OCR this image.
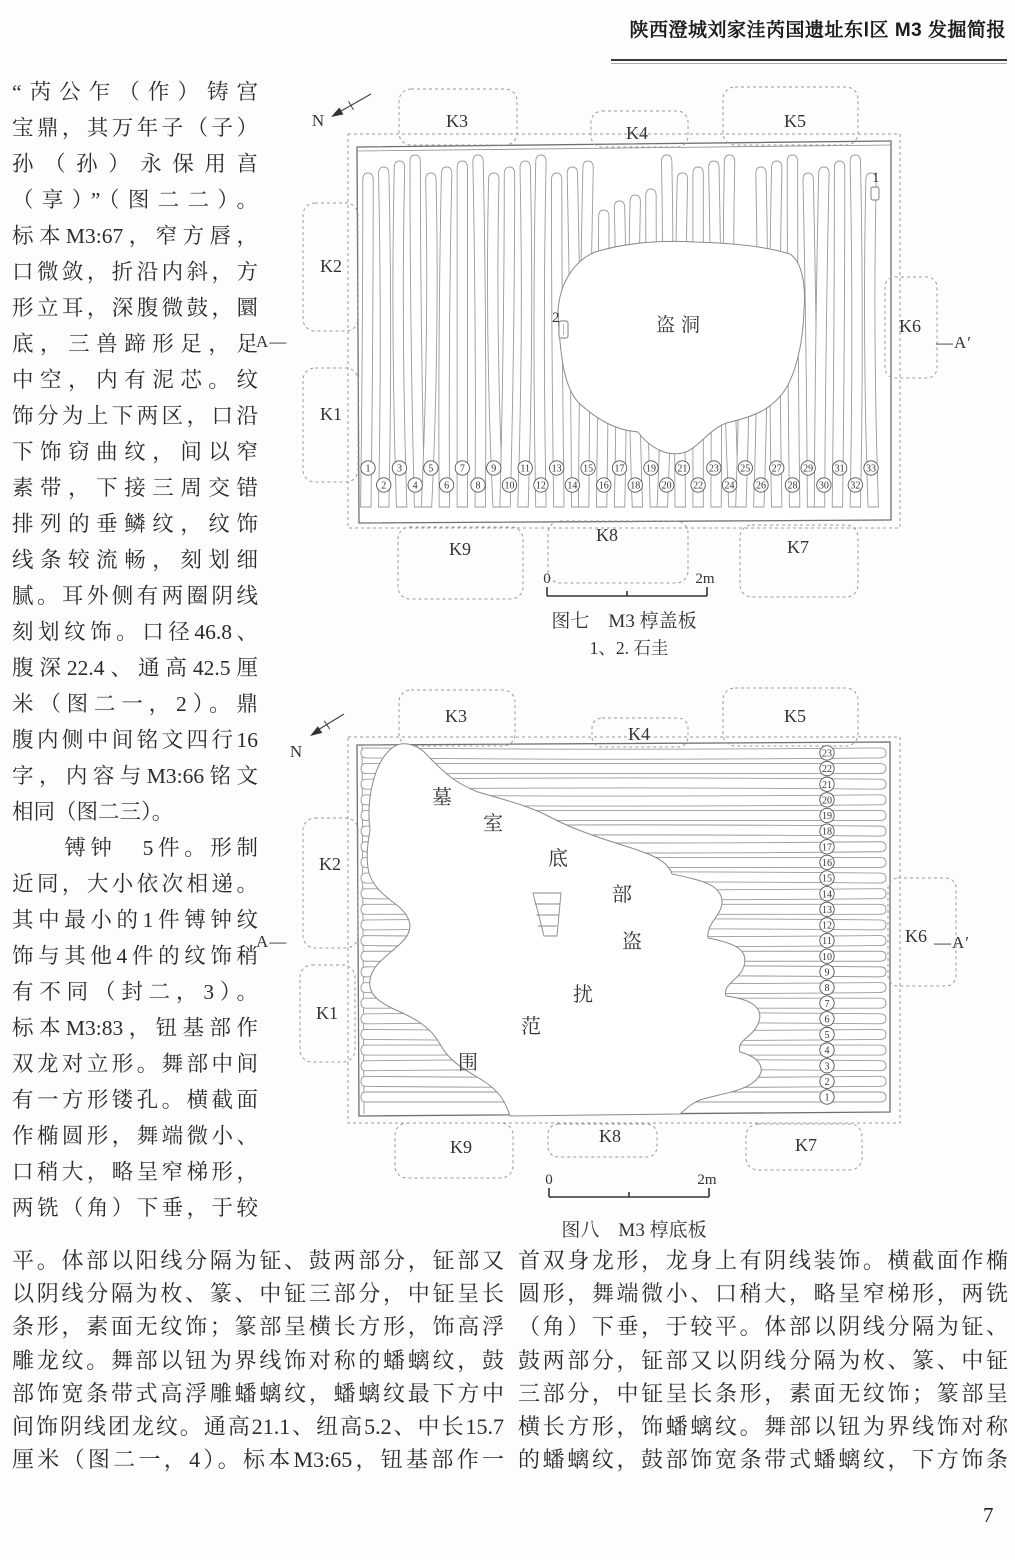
陕西澄城刘家洼芮国遗址东Ⅰ区 M3 发掘简报
“芮公乍（作）铸宫
宝鼎，其万年子（子）
孙（孙）永保用亯
（享）”（图二二）。
标本M3:67，窄方唇，
口微敛，折沿内斜，方
形立耳，深腹微鼓，圜
底，三兽蹄形足，足
中空，内有泥芯。纹
饰分为上下两区，口沿
下饰窃曲纹，间以窄
素带，下接三周交错
排列的垂鳞纹，纹饰
线条较流畅，刻划细
腻。耳外侧有两圈阴线
刻划纹饰。口径46.8、
腹深22.4、通高42.5厘
米（图二一，2）。鼎
腹内侧中间铭文四行16
字，内容与M3:66铭文
相同（图二三）。
　　镈钟　5件。形制
近同，大小依次相递。
其中最小的1件镈钟纹
饰与其他4件的纹饰稍
有不同（封二，3）。
标本M3:83，钮基部作
双龙对立形。舞部中间
有一方形镂孔。横截面
作椭圆形，舞端微小、
口稍大，略呈窄梯形，
两铣（角）下垂，于较
平。体部以阳线分隔为钲、鼓两部分，钲部又
以阴线分隔为枚、篆、中钲三部分，中钲呈长
条形，素面无纹饰；篆部呈横长方形，饰高浮
雕龙纹。舞部以钮为界线饰对称的蟠螭纹，鼓
部饰宽条带式高浮雕蟠螭纹，蟠螭纹最下方中
间饰阴线团龙纹。通高21.1、纽高5.2、中长15.7
厘米（图二一，4）。标本M3:65，钮基部作一
首双身龙形，龙身上有阴线装饰。横截面作椭
圆形，舞端微小、口稍大，略呈窄梯形，两铣
（角）下垂，于较平。体部以阴线分隔为钲、
鼓两部分，钲部又以阴线分隔为枚、篆、中钲
三部分，中钲呈长条形，素面无纹饰；篆部呈
横长方形，饰蟠螭纹。舞部以钮为界线饰对称
的蟠螭纹，鼓部饰宽条带式蟠螭纹，下方饰条
7
N	K3
K4
K5
K2
K1
K6
K9
K8
K7
A—	—A′
盗洞
2
1
1
2
3
4
5
6
7
8
9
10
11
12
13
14
15
16
17
18
19
20
21
22
23
24
25
26
27
28
29
30
31
32
33
0	2m
图七　M3 椁盖板
1、2. 石圭
N
K3
K4
K5
K2
K1
K6
K9
K8	K7
A—	—A′
墓
室
底
部
盗
扰
范
围
1
2
3
4
5
6
7
8
9
10
11
12
13
14
15
16
17
18
19
20
21
22
23
0	2m
图八　M3 椁底板
